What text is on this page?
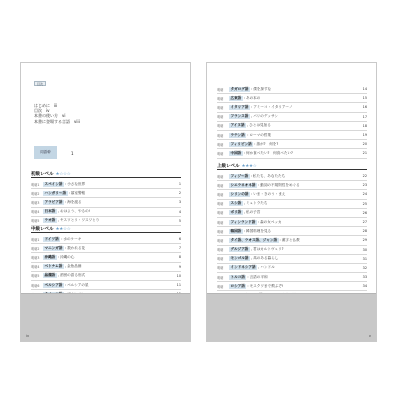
目次
はじめに iii
目次 iv
本書の使い方 vi
本書に登場する言語 viii
同語幹	1
初級レベル ★☆☆☆
明朝1	スペイン語 : 小さな世界	1
明朝2	ハンガリー語 : 墓室警報	2
明朝3	アラビア語 : 海を渡る	3
明朝4	日本語 : おはよう、やるの!	4
明朝5	ラオ語 : ヤスワとリ・ワスワとり	5
中級レベル ★★☆☆
明朝1	ドイツ語 : 水のケーキ	6
明朝2	マニンガ語 : 数われる花	7
明朝3	沖縄語 : 沖縄の心	8
明朝4	ベトナム語 : 金魚品価	9
明朝5	晶潤語 : 酒団の語る形式	10
明朝6	ペルシア語 : ペルシアの星	11
iv
明朝	タガログ語 : 僕を探すな	14
明朝	広東語 : あの本の	15
明朝	イタリア語 : アミーコ・イタリアーノ	16
明朝	フランス語 : パリのデッサン	17
明朝	アイヌ語 : ひとは見捨る	18
明朝	ラテン語 : ローマの哲業	19
明朝	フィリピン語 : 誰が?　何を?	20
明朝	中国語 : 何か食べたい?　何食べたい?	21
上級レベル ★★★☆
明朝	フィジー語 : 私たち、あなたたち	22
明朝	シエラネオネ語 : 動詞の不規則性をめぐる	23
明朝	シリンの語 : いま・きのう・まえ	24
明朝	スシ語 : ミュトラたち	25
明朝	ポリ語 : 私の子宮	26
明朝	フィンランド語 : 森の女ペッカ	27
明朝	韓国語 : 韓国料理を見る	28
明朝	タイ語、ラオス語、ジャン語 : 漢字と仏教	29
明朝	グルジア語 : 君はカルトヴェリ?	30
明朝	モンゴル語 : 馬のある暮らし	31
明朝	インドネシア語 : ハンドル	32
明朝	トルコ語 : 言語の平和	33
明朝	ロシア語 : モスクワまで飛ぶぞ!	34
v
